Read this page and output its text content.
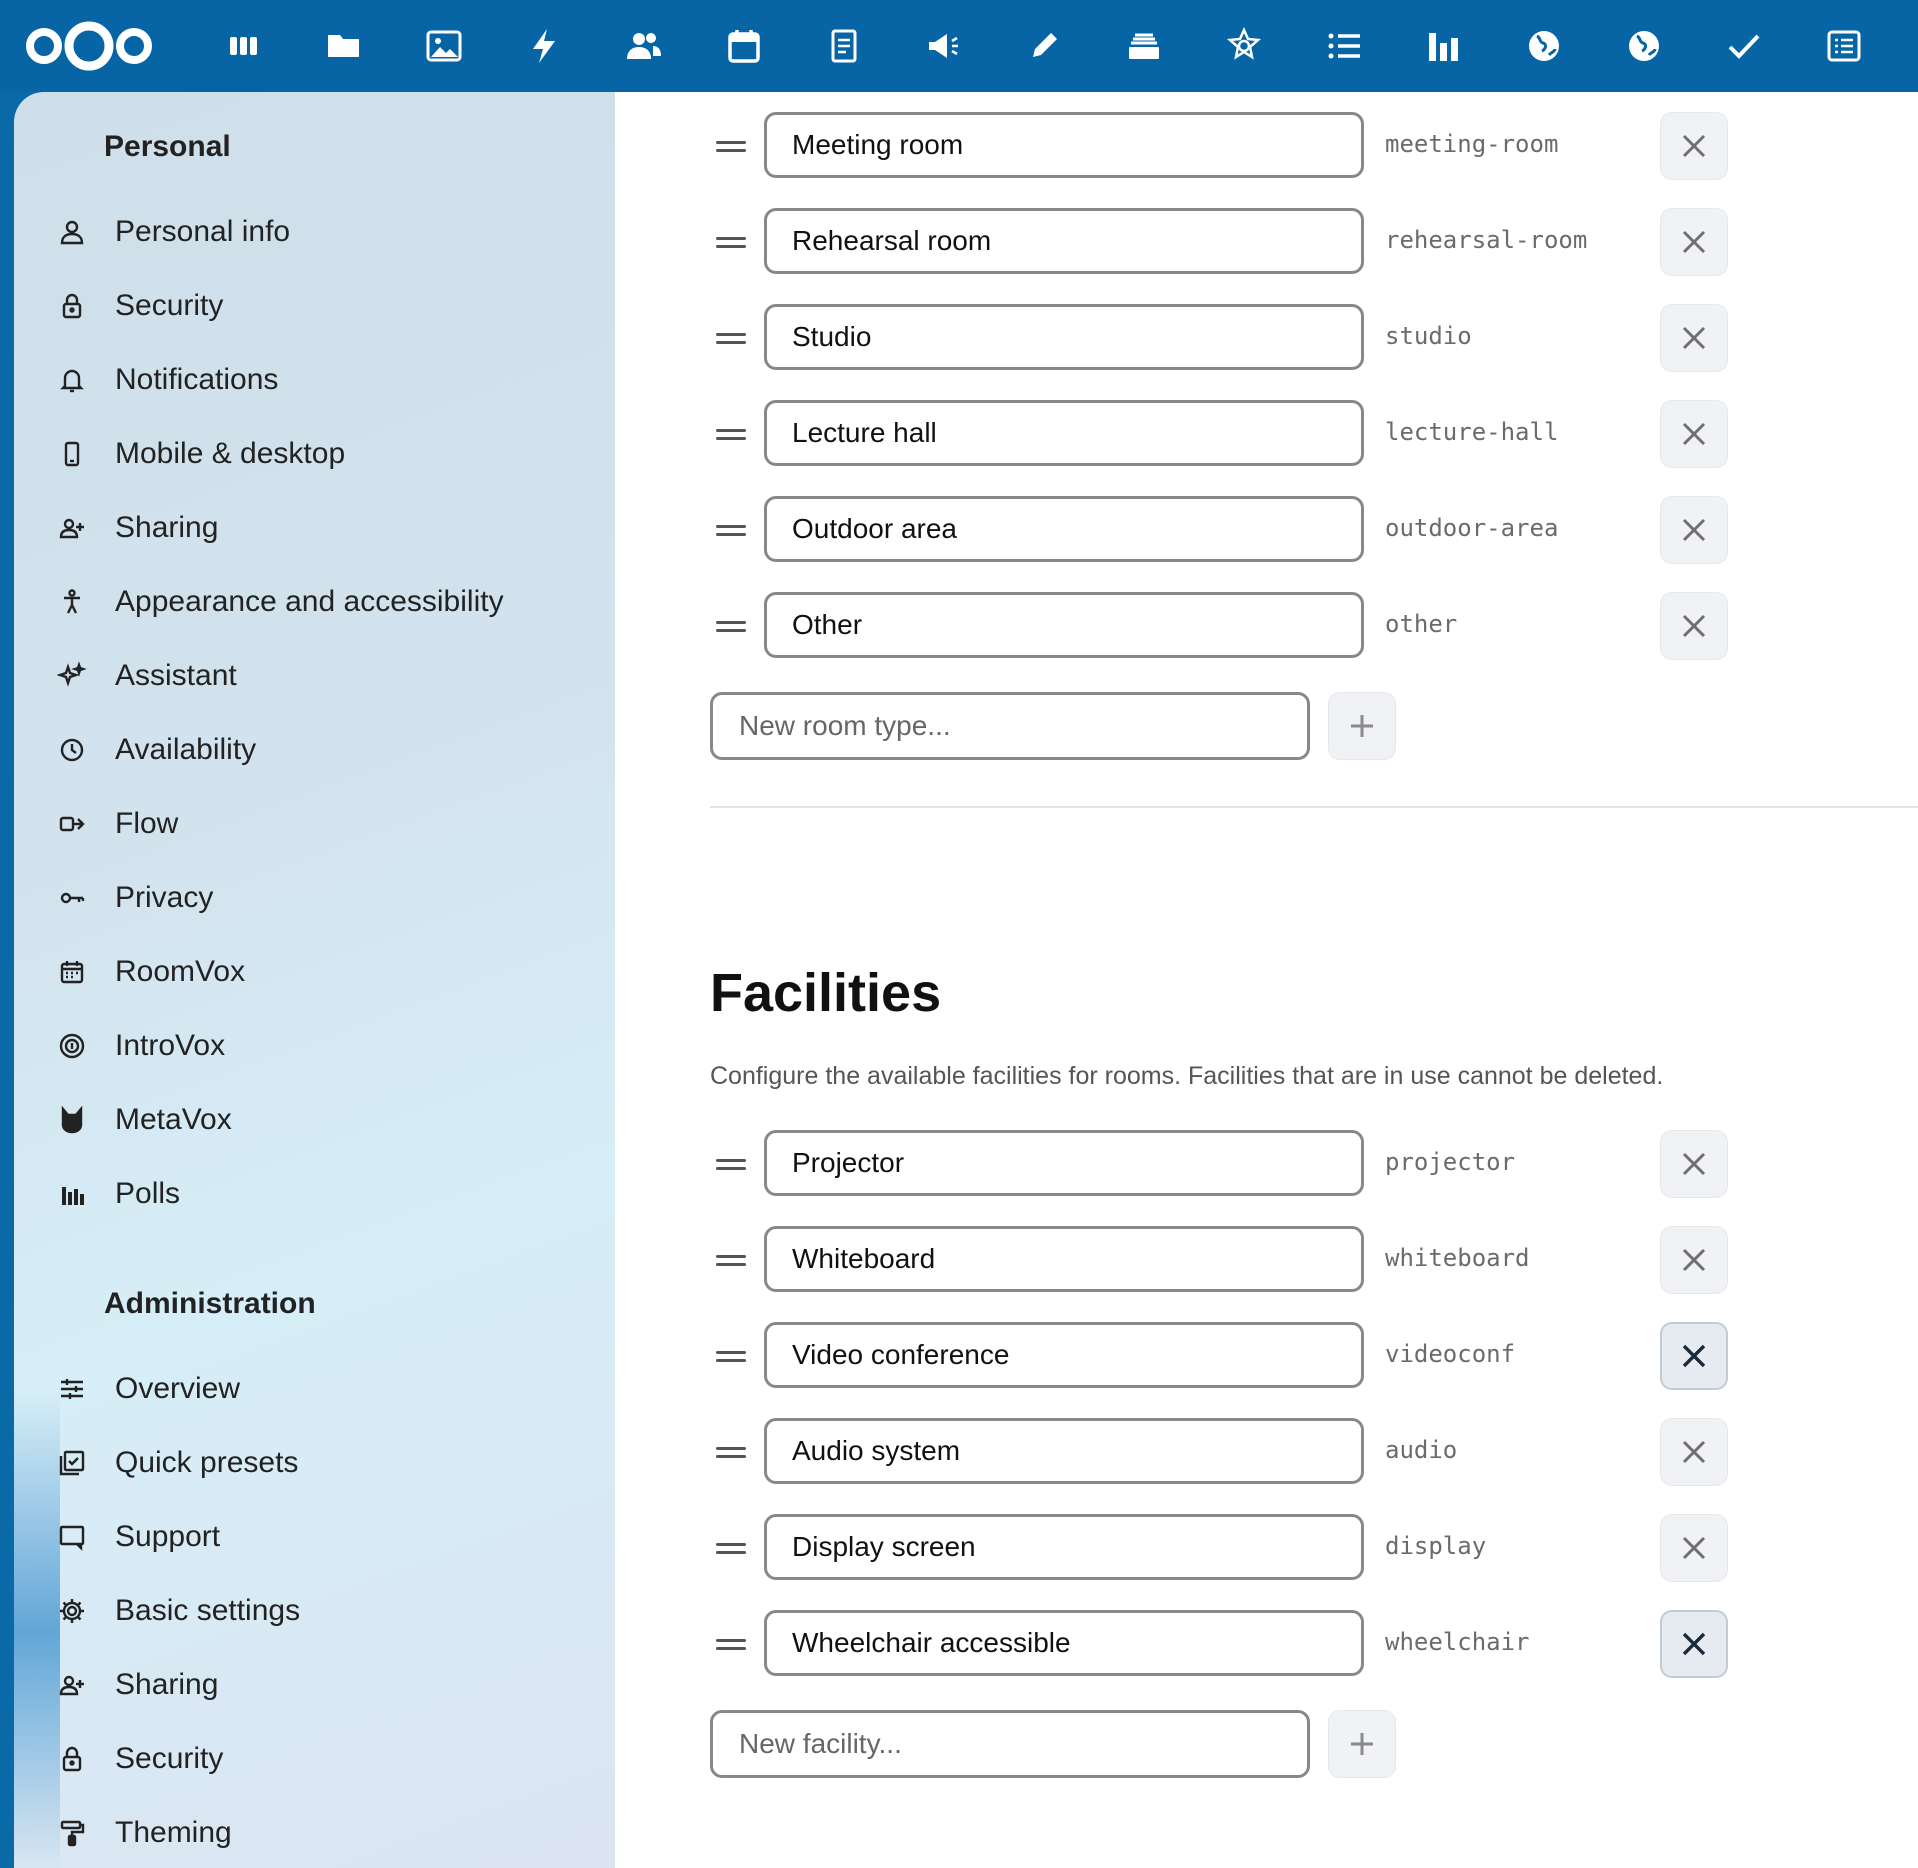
Personal
Personal info
Security
Notifications
Mobile & desktop
Sharing
Appearance and accessibility
Assistant
Availability
Flow
Privacy
RoomVox
IntroVox
MetaVox
Polls
Administration
Overview
Quick presets
Support
Basic settings
Sharing
Security
Theming
Meeting room
meeting-room
Rehearsal room
rehearsal-room
Studio
studio
Lecture hall
lecture-hall
Outdoor area
outdoor-area
Other
other
New room type...
Facilities
Configure the available facilities for rooms. Facilities that are in use cannot be deleted.
Projector
projector
Whiteboard
whiteboard
Video conference
videoconf
Audio system
audio
Display screen
display
Wheelchair accessible
wheelchair
New facility...
